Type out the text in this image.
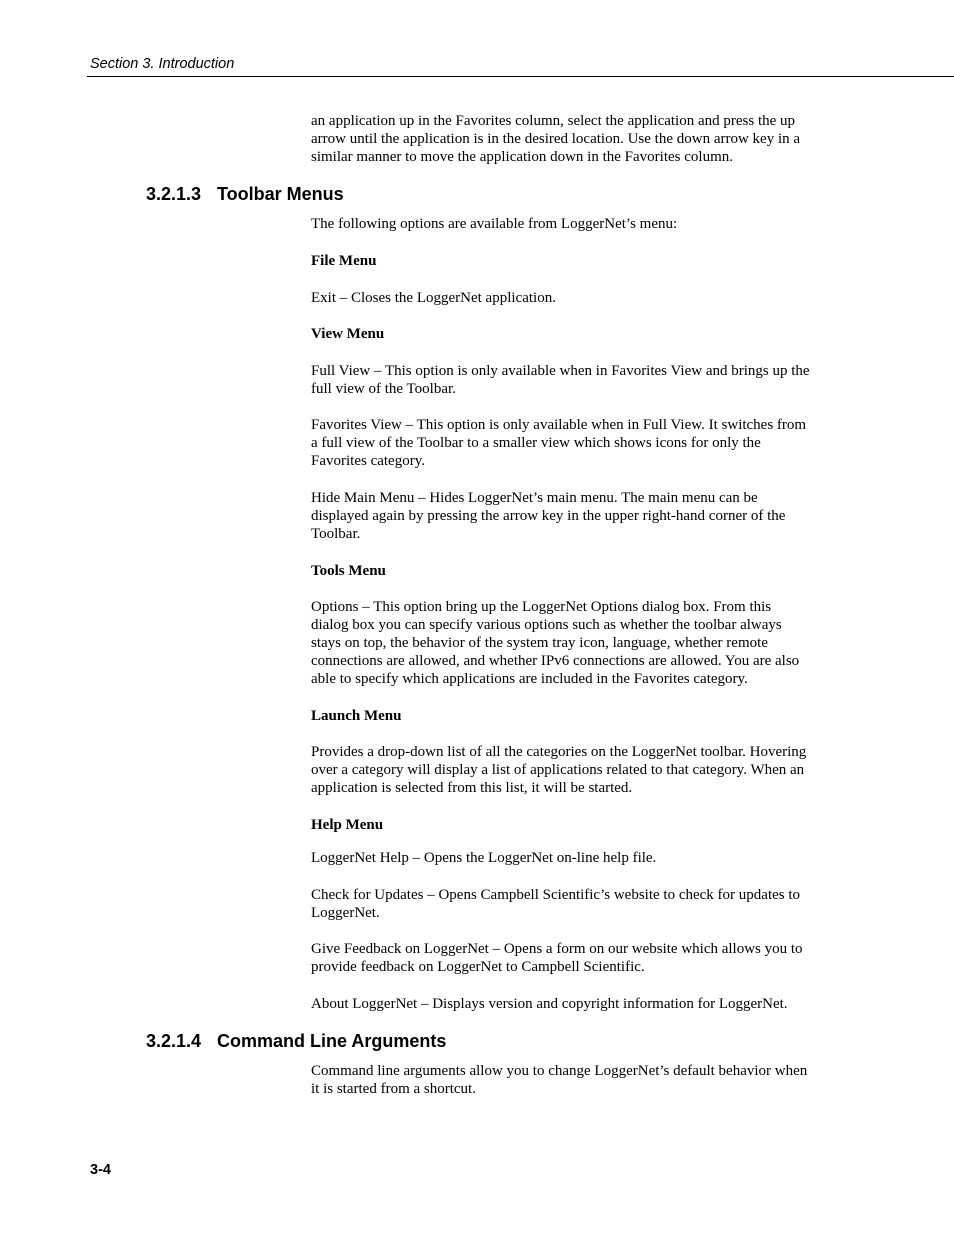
Section 3. Introduction

an application up in the Favorites column, select the application and press the up arrow until the application is in the desired location. Use the down arrow key in a similar manner to move the application down in the Favorites column.

3.2.1.3 Toolbar Menus

The following options are available from LoggerNet’s menu:

File Menu

Exit – Closes the LoggerNet application.

View Menu

Full View – This option is only available when in Favorites View and brings up the full view of the Toolbar.

Favorites View – This option is only available when in Full View. It switches from a full view of the Toolbar to a smaller view which shows icons for only the Favorites category.

Hide Main Menu – Hides LoggerNet’s main menu. The main menu can be displayed again by pressing the arrow key in the upper right-hand corner of the Toolbar.

Tools Menu

Options – This option bring up the LoggerNet Options dialog box. From this dialog box you can specify various options such as whether the toolbar always stays on top, the behavior of the system tray icon, language, whether remote connections are allowed, and whether IPv6 connections are allowed. You are also able to specify which applications are included in the Favorites category.

Launch Menu

Provides a drop-down list of all the categories on the LoggerNet toolbar. Hovering over a category will display a list of applications related to that category. When an application is selected from this list, it will be started.

Help Menu

LoggerNet Help – Opens the LoggerNet on-line help file.

Check for Updates – Opens Campbell Scientific’s website to check for updates to LoggerNet.

Give Feedback on LoggerNet – Opens a form on our website which allows you to provide feedback on LoggerNet to Campbell Scientific.

About LoggerNet – Displays version and copyright information for LoggerNet.

3.2.1.4 Command Line Arguments

Command line arguments allow you to change LoggerNet’s default behavior when it is started from a shortcut.

3-4
